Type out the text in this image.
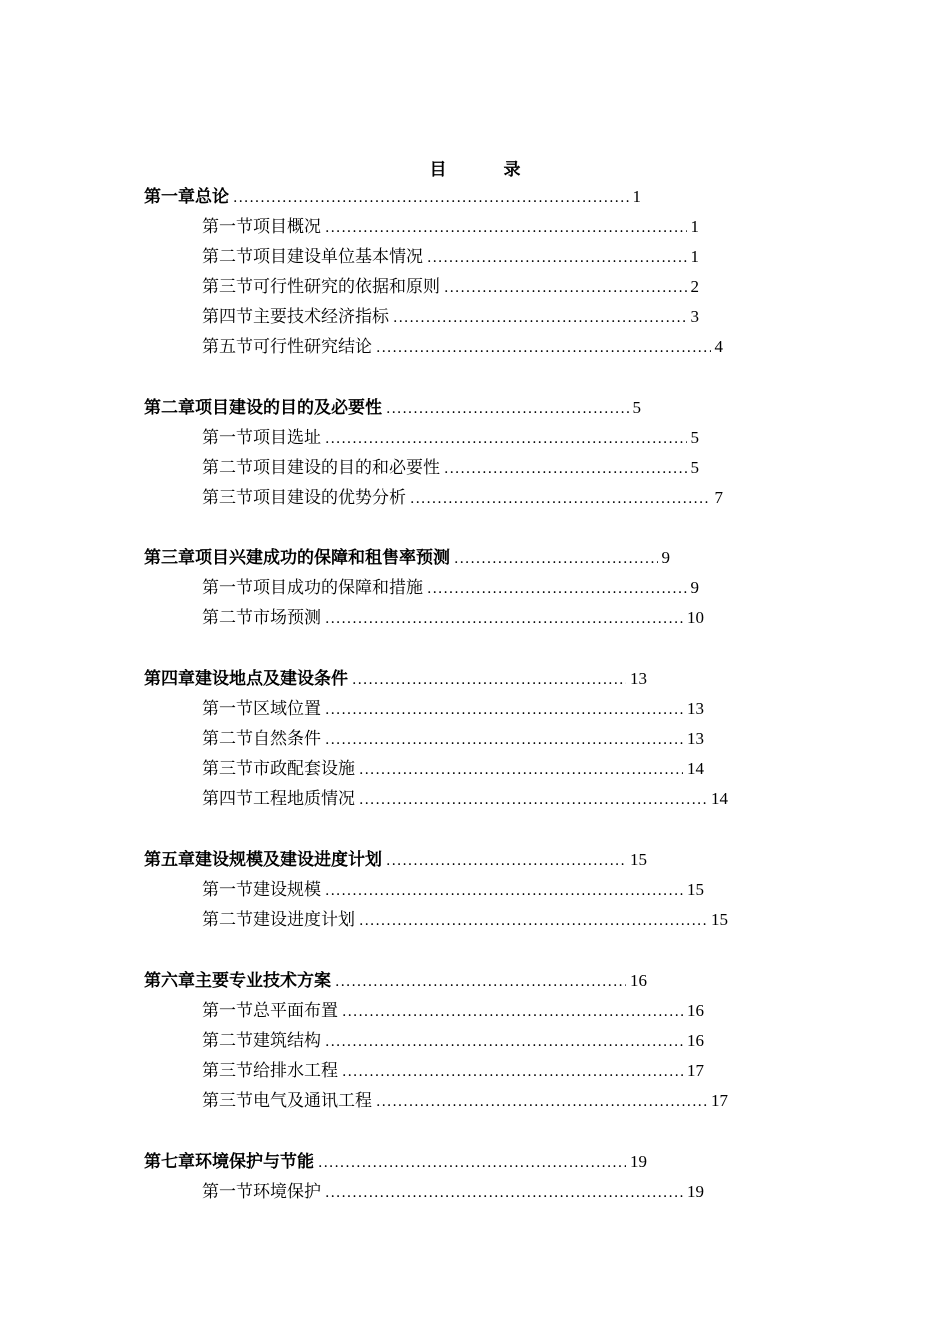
目　录
第一章 总论 .....	1
第一节 项目概况 .....	1
第二节 项目建设单位基本情况 .....	1
第三节 可行性研究的依据和原则 .....	2
第四节 主要技术经济指标 .....	3
第五节 可行性研究结论 .....	4
第二章 项目建设的目的及必要性 .....	5
第一节 项目选址 .....	5
第二节 项目建设的目的和必要性 .....	5
第三节 项目建设的优势分析 .....	7
第三章 项目兴建成功的保障和租售率预测 .....	9
第一节 项目成功的保障和措施 .....	9
第二节 市场预测 .....	10
第四章 建设地点及建设条件 .....	13
第一节 区域位置 .....	13
第二节 自然条件 .....	13
第三节 市政配套设施 .....	14
第四节 工程地质情况 .....	14
第五章 建设规模及建设进度计划 .....	15
第一节 建设规模 .....	15
第二节 建设进度计划 .....	15
第六章 主要专业技术方案 .....	16
第一节 总平面布置 .....	16
第二节 建筑结构 .....	16
第三节 给排水工程 .....	17
第三节 电气及通讯工程 .....	17
第七章 环境保护与节能 .....	19
第一节 环境保护 .....	19
